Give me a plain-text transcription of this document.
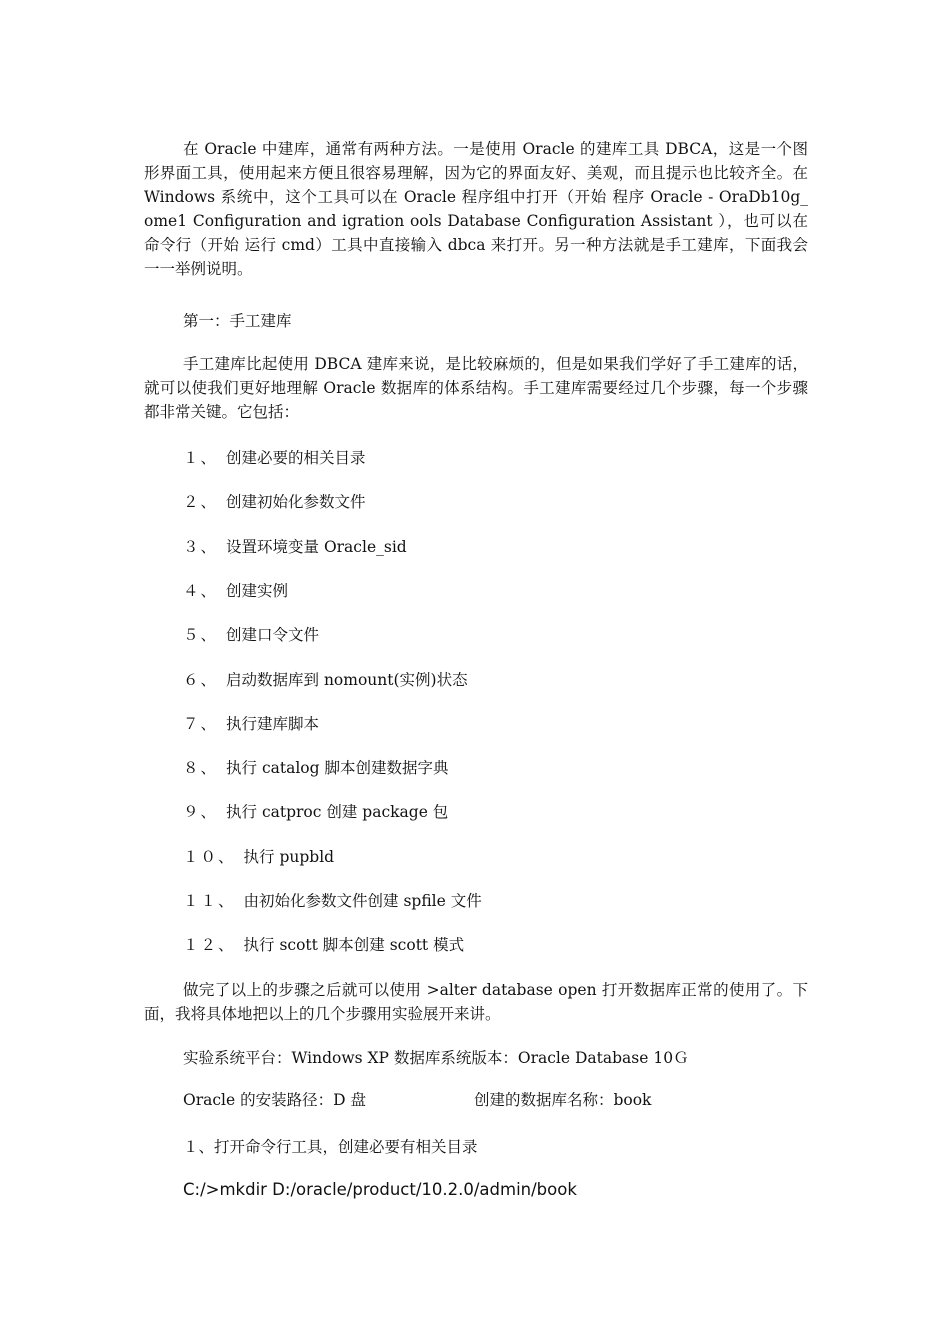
在 Oracle 中建库，通常有两种方法。一是使用 Oracle 的建库工具 DBCA，这是一个图形界面工具，使用起来方便且很容易理解，因为它的界面友好、美观，而且提示也比较齐全。在 Windows 系统中，这个工具可以在 Oracle 程序组中打开（开始 程序 Oracle - OraDb10g_ ome1 Configuration and igration ools Database Configuration Assistant ），也可以在命令行（开始 运行 cmd）工具中直接输入 dbca 来打开。另一种方法就是手工建库，下面我会一一举例说明。

第一：手工建库

手工建库比起使用 DBCA 建库来说，是比较麻烦的，但是如果我们学好了手工建库的话，就可以使我们更好地理解 Oracle 数据库的体系结构。手工建库需要经过几个步骤，每一个步骤都非常关键。它包括：

１、 创建必要的相关目录
２、 创建初始化参数文件
３、 设置环境变量 Oracle_sid
４、 创建实例
５、 创建口令文件
６、 启动数据库到 nomount(实例)状态
７、 执行建库脚本
８、 执行 catalog 脚本创建数据字典
９、 执行 catproc 创建 package 包
１０、 执行 pupbld
１１、 由初始化参数文件创建 spfile 文件
１２、 执行 scott 脚本创建 scott 模式

做完了以上的步骤之后就可以使用 >alter database open 打开数据库正常的使用了。下面，我将具体地把以上的几个步骤用实验展开来讲。

实验系统平台：Windows XP 数据库系统版本：Oracle Database 10Ｇ
Oracle 的安装路径：D 盘	创建的数据库名称：book
１、打开命令行工具，创建必要有相关目录
C:/>mkdir D:/oracle/product/10.2.0/admin/book
